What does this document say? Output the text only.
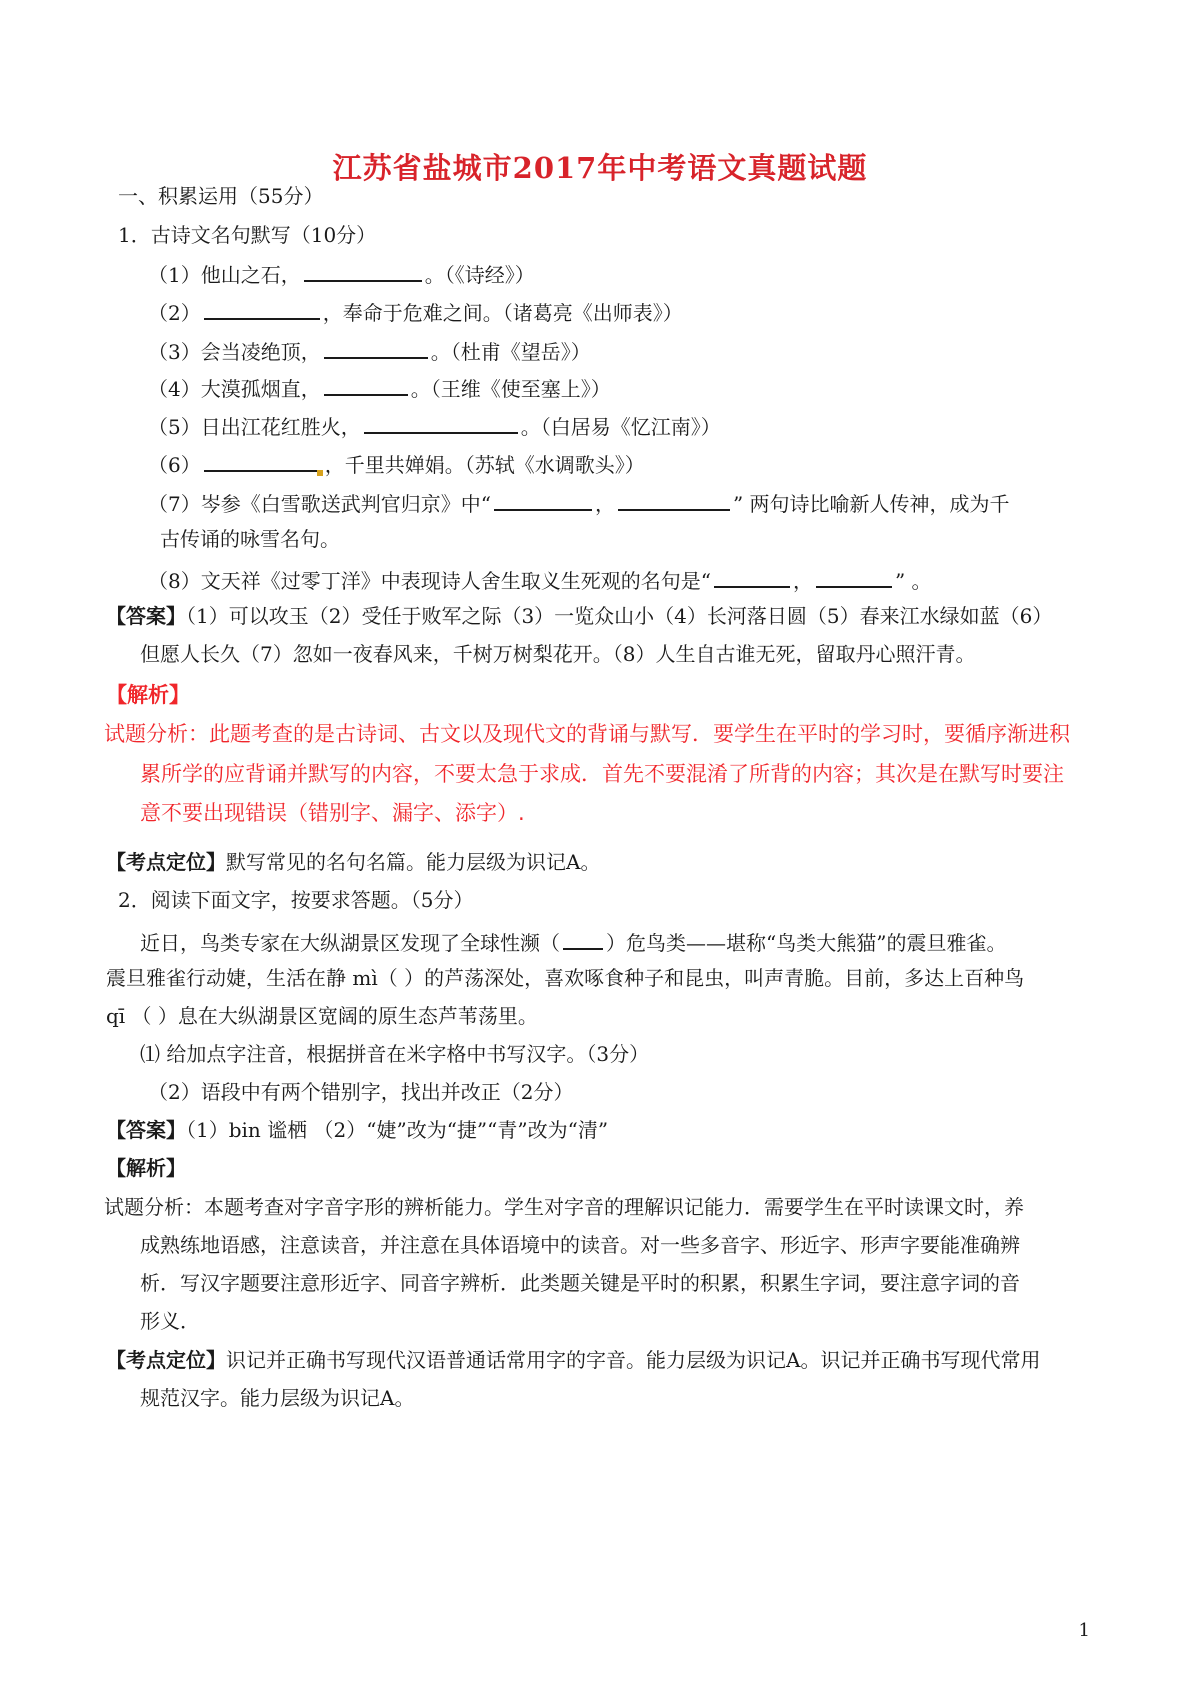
江苏省盐城市2017年中考语文真题试题
一、积累运用（55分）
1．古诗文名句默写（10分）
（1）他山之石，	。（《诗经》）
（2）	，奉命于危难之间。（诸葛亮《出师表》）
（3）会当凌绝顶，	。（杜甫《望岳》）
（4）大漠孤烟直，	。（王维《使至塞上》）
（5）日出江花红胜火，	。（白居易《忆江南》）
（6）	，千里共婵娟。（苏轼《水调歌头》）
（7）岑参《白雪歌送武判官归京》中“	，	” 两句诗比喻新人传神，成为千
古传诵的咏雪名句。
（8）文天祥《过零丁洋》中表现诗人舍生取义生死观的名句是“	，	” 。
【答案】（1）可以攻玉（2）受任于败军之际（3）一览众山小（4）长河落日圆（5）春来江水绿如蓝（6）
但愿人长久（7）忽如一夜春风来，千树万树梨花开。（8）人生自古谁无死，留取丹心照汗青。
【解析】
试题分析：此题考查的是古诗词、古文以及现代文的背诵与默写．要学生在平时的学习时，要循序渐进积
累所学的应背诵并默写的内容，不要太急于求成．首先不要混淆了所背的内容；其次是在默写时要注
意不要出现错误（错别字、漏字、添字）.
【考点定位】默写常见的名句名篇。能力层级为识记A。
2．阅读下面文字，按要求答题。（5分）
近日，鸟类专家在大纵湖景区发现了全球性濒（ ）危鸟类——堪称“鸟类大熊猫”的震旦雅雀。
震旦雅雀行动婕，生活在静 mì（ ）的芦荡深处，喜欢啄食种子和昆虫，叫声青脆。目前，多达上百种鸟
qī （ ）息在大纵湖景区宽阔的原生态芦苇荡里。
⑴ 给加点字注音，根据拼音在米字格中书写汉字。（3分）
（2）语段中有两个错别字，找出并改正（2分）
【答案】（1）bin 谧栖 （2）“婕”改为“捷”“青”改为“清”
【解析】
试题分析：本题考查对字音字形的辨析能力。学生对字音的理解识记能力．需要学生在平时读课文时，养
成熟练地语感，注意读音，并注意在具体语境中的读音。对一些多音字、形近字、形声字要能准确辨
析．写汉字题要注意形近字、同音字辨析．此类题关键是平时的积累，积累生字词，要注意字词的音
形义．
【考点定位】识记并正确书写现代汉语普通话常用字的字音。能力层级为识记A。识记并正确书写现代常用
规范汉字。能力层级为识记A。
1
